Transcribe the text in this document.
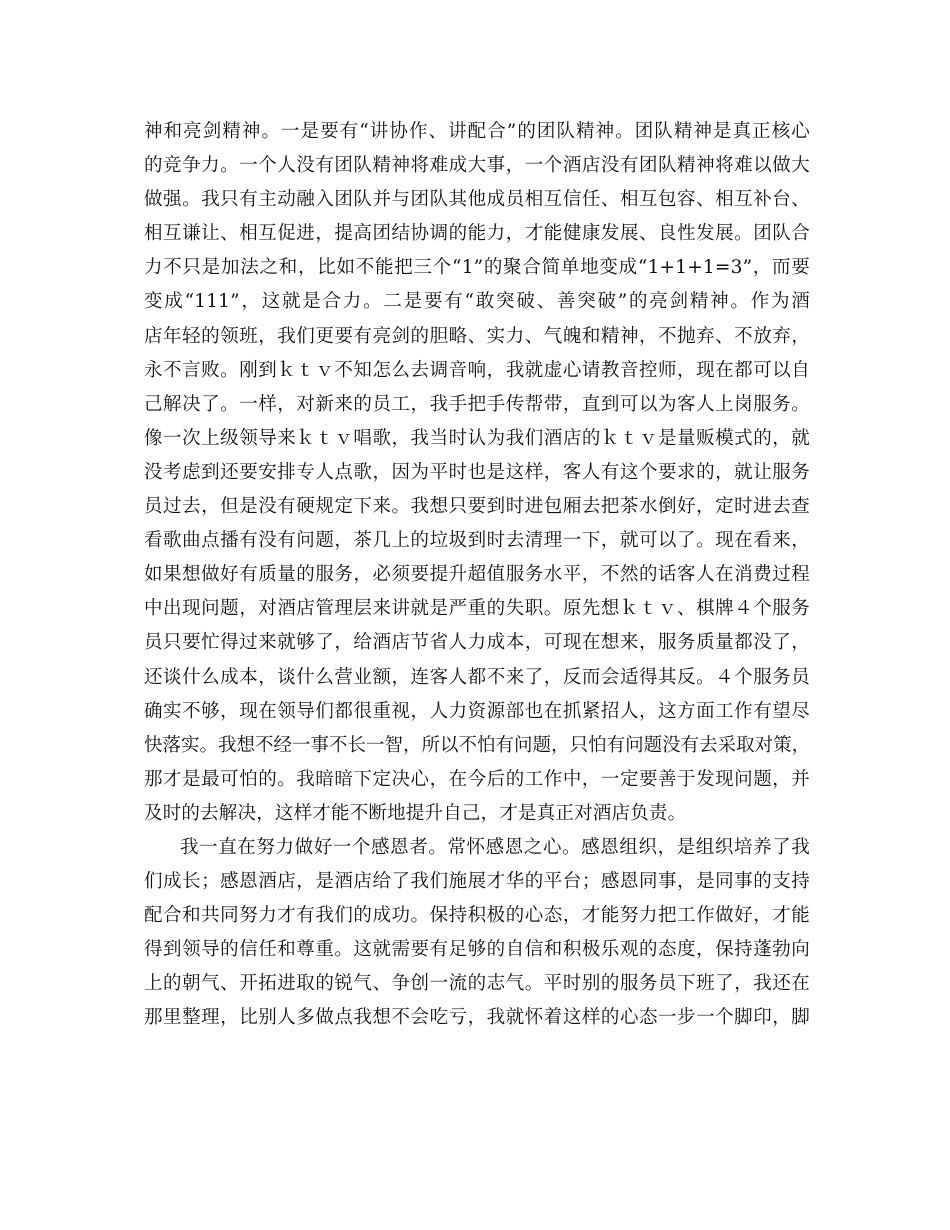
神和亮剑精神。一是要有“讲协作、讲配合”的团队精神。团队精神是真正核心
的竞争力。一个人没有团队精神将难成大事，一个酒店没有团队精神将难以做大
做强。我只有主动融入团队并与团队其他成员相互信任、相互包容、相互补台、
相互谦让、相互促进，提高团结协调的能力，才能健康发展、良性发展。团队合
力不只是加法之和，比如不能把三个“1”的聚合简单地变成“1+1+1=3”，而要
变成“111”，这就是合力。二是要有“敢突破、善突破”的亮剑精神。作为酒
店年轻的领班，我们更要有亮剑的胆略、实力、气魄和精神，不抛弃、不放弃，
永不言败。刚到ｋｔｖ不知怎么去调音响，我就虚心请教音控师，现在都可以自
己解决了。一样，对新来的员工，我手把手传帮带，直到可以为客人上岗服务。
像一次上级领导来ｋｔｖ唱歌，我当时认为我们酒店的ｋｔｖ是量贩模式的，就
没考虑到还要安排专人点歌，因为平时也是这样，客人有这个要求的，就让服务
员过去，但是没有硬规定下来。我想只要到时进包厢去把茶水倒好，定时进去查
看歌曲点播有没有问题，茶几上的垃圾到时去清理一下，就可以了。现在看来，
如果想做好有质量的服务，必须要提升超值服务水平，不然的话客人在消费过程
中出现问题，对酒店管理层来讲就是严重的失职。原先想ｋｔｖ、棋牌４个服务
员只要忙得过来就够了，给酒店节省人力成本，可现在想来，服务质量都没了，
还谈什么成本，谈什么营业额，连客人都不来了，反而会适得其反。４个服务员
确实不够，现在领导们都很重视，人力资源部也在抓紧招人，这方面工作有望尽
快落实。我想不经一事不长一智，所以不怕有问题，只怕有问题没有去采取对策，
那才是最可怕的。我暗暗下定决心，在今后的工作中，一定要善于发现问题，并
及时的去解决，这样才能不断地提升自己，才是真正对酒店负责。
我一直在努力做好一个感恩者。常怀感恩之心。感恩组织，是组织培养了我
们成长；感恩酒店，是酒店给了我们施展才华的平台；感恩同事，是同事的支持
配合和共同努力才有我们的成功。保持积极的心态，才能努力把工作做好，才能
得到领导的信任和尊重。这就需要有足够的自信和积极乐观的态度，保持蓬勃向
上的朝气、开拓进取的锐气、争创一流的志气。平时别的服务员下班了，我还在
那里整理，比别人多做点我想不会吃亏，我就怀着这样的心态一步一个脚印，脚
